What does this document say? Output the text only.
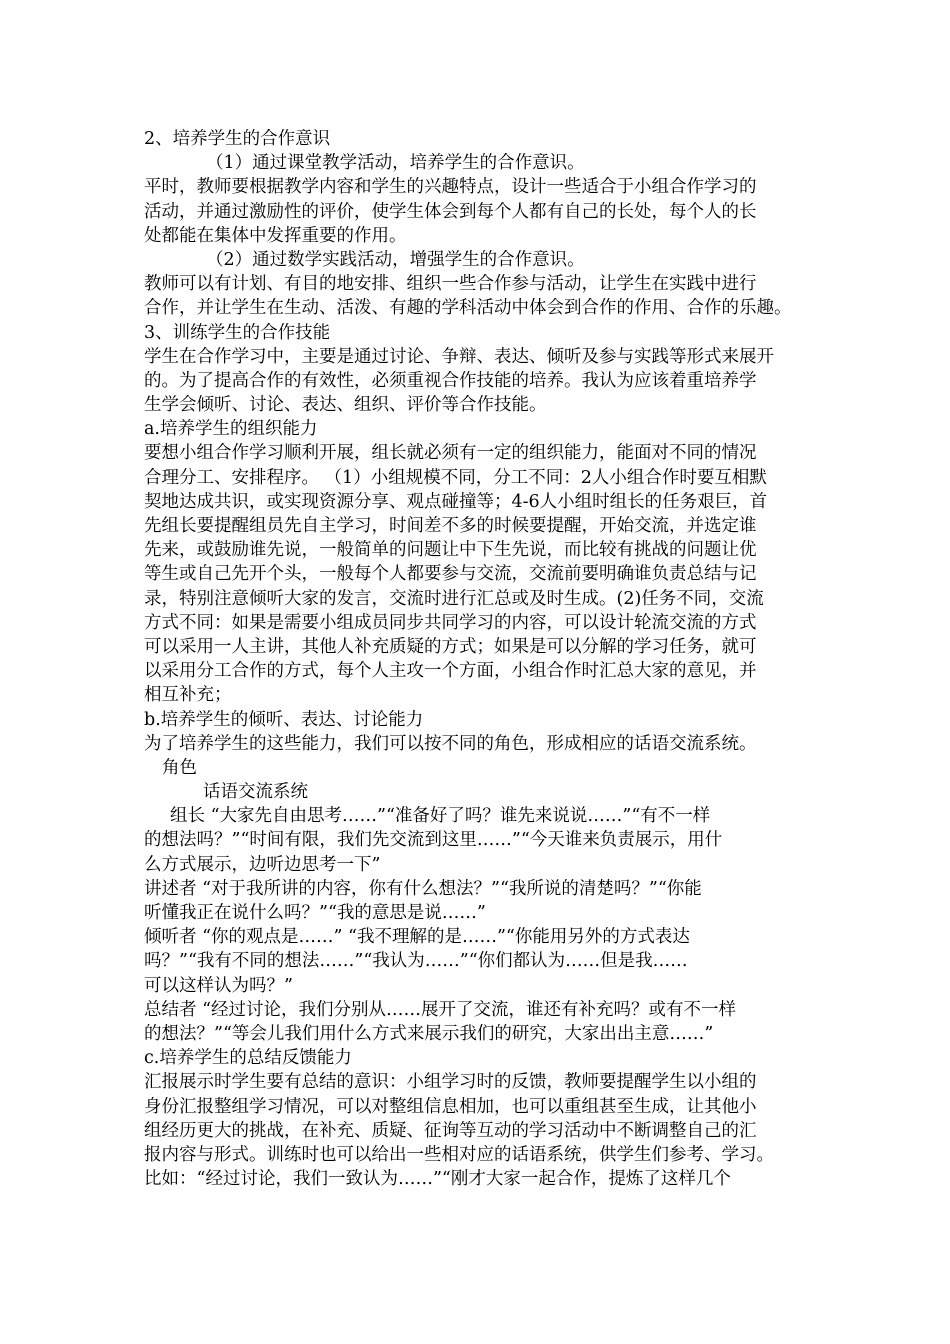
2、培养学生的合作意识
（1）通过课堂教学活动，培养学生的合作意识。
平时，教师要根据教学内容和学生的兴趣特点，设计一些适合于小组合作学习的
活动，并通过激励性的评价，使学生体会到每个人都有自己的长处，每个人的长
处都能在集体中发挥重要的作用。
（2）通过数学实践活动，增强学生的合作意识。
教师可以有计划、有目的地安排、组织一些合作参与活动，让学生在实践中进行
合作，并让学生在生动、活泼、有趣的学科活动中体会到合作的作用、合作的乐趣。
3、训练学生的合作技能
学生在合作学习中，主要是通过讨论、争辩、表达、倾听及参与实践等形式来展开
的。为了提高合作的有效性，必须重视合作技能的培养。我认为应该着重培养学
生学会倾听、讨论、表达、组织、评价等合作技能。
a.培养学生的组织能力
要想小组合作学习顺利开展，组长就必须有一定的组织能力，能面对不同的情况
合理分工、安排程序。 （1）小组规模不同，分工不同：2人小组合作时要互相默
契地达成共识，或实现资源分享、观点碰撞等；4-6人小组时组长的任务艰巨，首
先组长要提醒组员先自主学习，时间差不多的时候要提醒，开始交流，并选定谁
先来，或鼓励谁先说，一般简单的问题让中下生先说，而比较有挑战的问题让优
等生或自己先开个头，一般每个人都要参与交流，交流前要明确谁负责总结与记
录，特别注意倾听大家的发言，交流时进行汇总或及时生成。(2)任务不同，交流
方式不同：如果是需要小组成员同步共同学习的内容，可以设计轮流交流的方式
可以采用一人主讲，其他人补充质疑的方式；如果是可以分解的学习任务，就可
以采用分工合作的方式，每个人主攻一个方面，小组合作时汇总大家的意见，并
相互补充；
b.培养学生的倾听、表达、讨论能力
为了培养学生的这些能力，我们可以按不同的角色，形成相应的话语交流系统。
角色
话语交流系统
组长 “大家先自由思考……”“准备好了吗？谁先来说说……”“有不一样
的想法吗？”“时间有限，我们先交流到这里……”“今天谁来负责展示，用什
么方式展示，边听边思考一下”
讲述者 “对于我所讲的内容，你有什么想法？”“我所说的清楚吗？”“你能
听懂我正在说什么吗？”“我的意思是说……”
倾听者 “你的观点是……” “我不理解的是……”“你能用另外的方式表达
吗？”“我有不同的想法……”“我认为……”“你们都认为……但是我……
可以这样认为吗？”
总结者 “经过讨论，我们分别从……展开了交流，谁还有补充吗？或有不一样
的想法？”“等会儿我们用什么方式来展示我们的研究，大家出出主意……”
c.培养学生的总结反馈能力
汇报展示时学生要有总结的意识：小组学习时的反馈，教师要提醒学生以小组的
身份汇报整组学习情况，可以对整组信息相加，也可以重组甚至生成，让其他小
组经历更大的挑战，在补充、质疑、征询等互动的学习活动中不断调整自己的汇
报内容与形式。训练时也可以给出一些相对应的话语系统，供学生们参考、学习。
比如：“经过讨论，我们一致认为……”“刚才大家一起合作，提炼了这样几个
